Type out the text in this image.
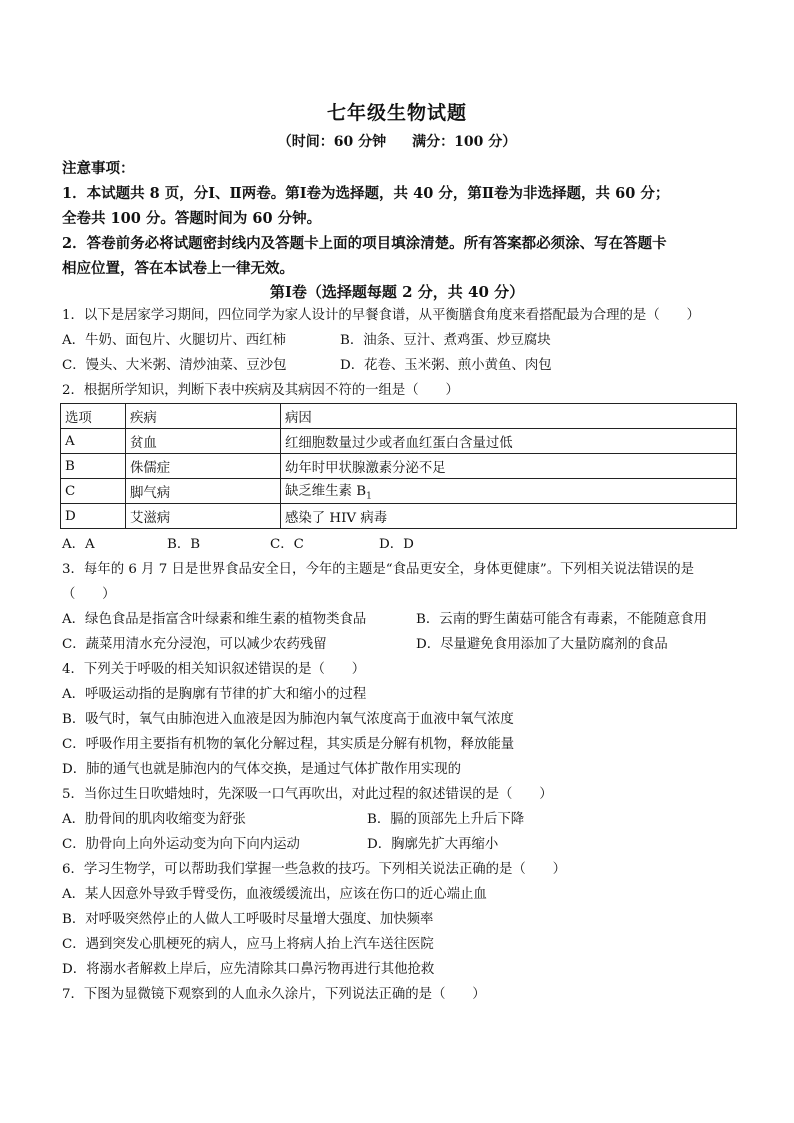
七年级生物试题
（时间：60 分钟 满分：100 分）

注意事项：

1．本试题共 8 页，分Ⅰ、Ⅱ两卷。第Ⅰ卷为选择题，共 40 分，第Ⅱ卷为非选择题，共 60 分；

全卷共 100 分。答题时间为 60 分钟。

2．答卷前务必将试题密封线内及答题卡上面的项目填涂清楚。所有答案都必须涂、写在答题卡

相应位置，答在本试卷上一律无效。

第Ⅰ卷（选择题每题 2 分，共 40 分）
1．以下是居家学习期间，四位同学为家人设计的早餐食谱，从平衡膳食角度来看搭配最为合理的是（　　）
A．牛奶、面包片、火腿切片、西红柿	B．油条、豆汁、煮鸡蛋、炒豆腐块
C．馒头、大米粥、清炒油菜、豆沙包	D．花卷、玉米粥、煎小黄鱼、肉包
2．根据所学知识，判断下表中疾病及其病因不符的一组是（　　）
选项	疾病	病因
A	贫血	红细胞数量过少或者血红蛋白含量过低
B	侏儒症	幼年时甲状腺激素分泌不足
C	脚气病	缺乏维生素 $B_1$
D	艾滋病	感染了 HIV 病毒
A．A	B．B	C．C	D．D
3．每年的 6 月 7 日是世界食品安全日，今年的主题是“食品更安全，身体更健康”。下列相关说法错误的是
（　　）
A．绿色食品是指富含叶绿素和维生素的植物类食品	B．云南的野生菌菇可能含有毒素，不能随意食用
C．蔬菜用清水充分浸泡，可以减少农药残留	D．尽量避免食用添加了大量防腐剂的食品
4．下列关于呼吸的相关知识叙述错误的是（　　）
A．呼吸运动指的是胸廓有节律的扩大和缩小的过程
B．吸气时，氧气由肺泡进入血液是因为肺泡内氧气浓度高于血液中氧气浓度
C．呼吸作用主要指有机物的氧化分解过程，其实质是分解有机物，释放能量
D．肺的通气也就是肺泡内的气体交换，是通过气体扩散作用实现的
5．当你过生日吹蜡烛时，先深吸一口气再吹出，对此过程的叙述错误的是（　　）
A．肋骨间的肌肉收缩变为舒张	B．膈的顶部先上升后下降
C．肋骨向上向外运动变为向下向内运动	D．胸廓先扩大再缩小
6．学习生物学，可以帮助我们掌握一些急救的技巧。下列相关说法正确的是（　　）
A．某人因意外导致手臂受伤，血液缓缓流出，应该在伤口的近心端止血
B．对呼吸突然停止的人做人工呼吸时尽量增大强度、加快频率
C．遇到突发心肌梗死的病人，应马上将病人抬上汽车送往医院
D．将溺水者解救上岸后，应先清除其口鼻污物再进行其他抢救
7．下图为显微镜下观察到的人血永久涂片，下列说法正确的是（　　）
